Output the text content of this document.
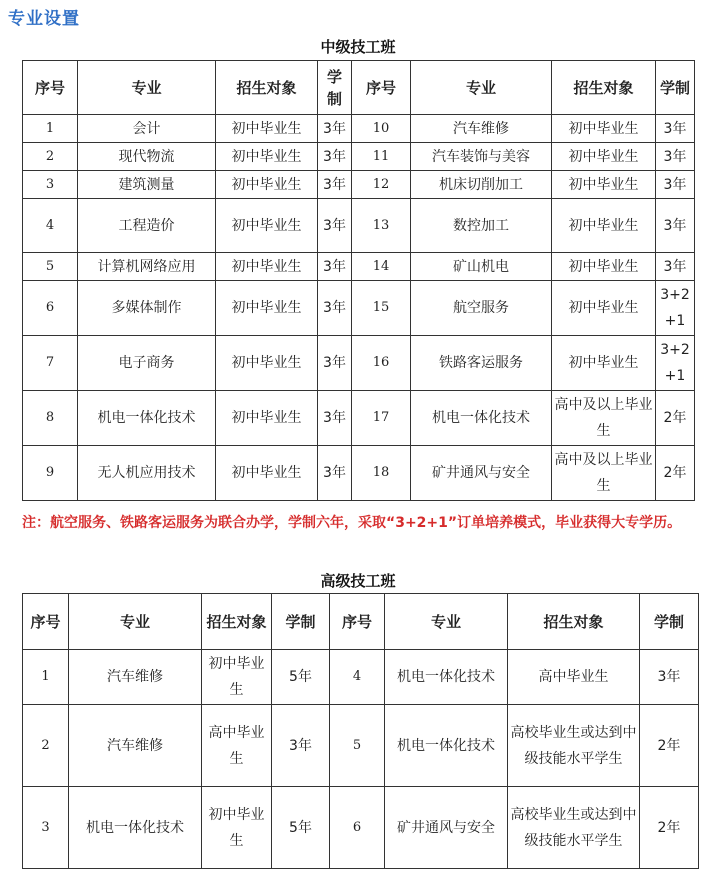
专业设置
中级技工班
序号	专业	招生对象	学制	序号	专业	招生对象	学制
1	会计	初中毕业生	3年	10	汽车维修	初中毕业生	3年
2	现代物流	初中毕业生	3年	11	汽车装饰与美容	初中毕业生	3年
3	建筑测量	初中毕业生	3年	12	机床切削加工	初中毕业生	3年
4	工程造价	初中毕业生	3年	13	数控加工	初中毕业生	3年
5	计算机网络应用	初中毕业生	3年	14	矿山机电	初中毕业生	3年
6	多媒体制作	初中毕业生	3年	15	航空服务	初中毕业生	3+2+1
7	电子商务	初中毕业生	3年	16	铁路客运服务	初中毕业生	3+2+1
8	机电一体化技术	初中毕业生	3年	17	机电一体化技术	高中及以上毕业生	2年
9	无人机应用技术	初中毕业生	3年	18	矿井通风与安全	高中及以上毕业生	2年
注：航空服务、铁路客运服务为联合办学，学制六年，采取“3+2+1”订单培养模式，毕业获得大专学历。
高级技工班
序号	专业	招生对象	学制	序号	专业	招生对象	学制
1	汽车维修	初中毕业生	5年	4	机电一体化技术	高中毕业生	3年
2	汽车维修	高中毕业生	3年	5	机电一体化技术	高校毕业生或达到中级技能水平学生	2年
3	机电一体化技术	初中毕业生	5年	6	矿井通风与安全	高校毕业生或达到中级技能水平学生	2年
